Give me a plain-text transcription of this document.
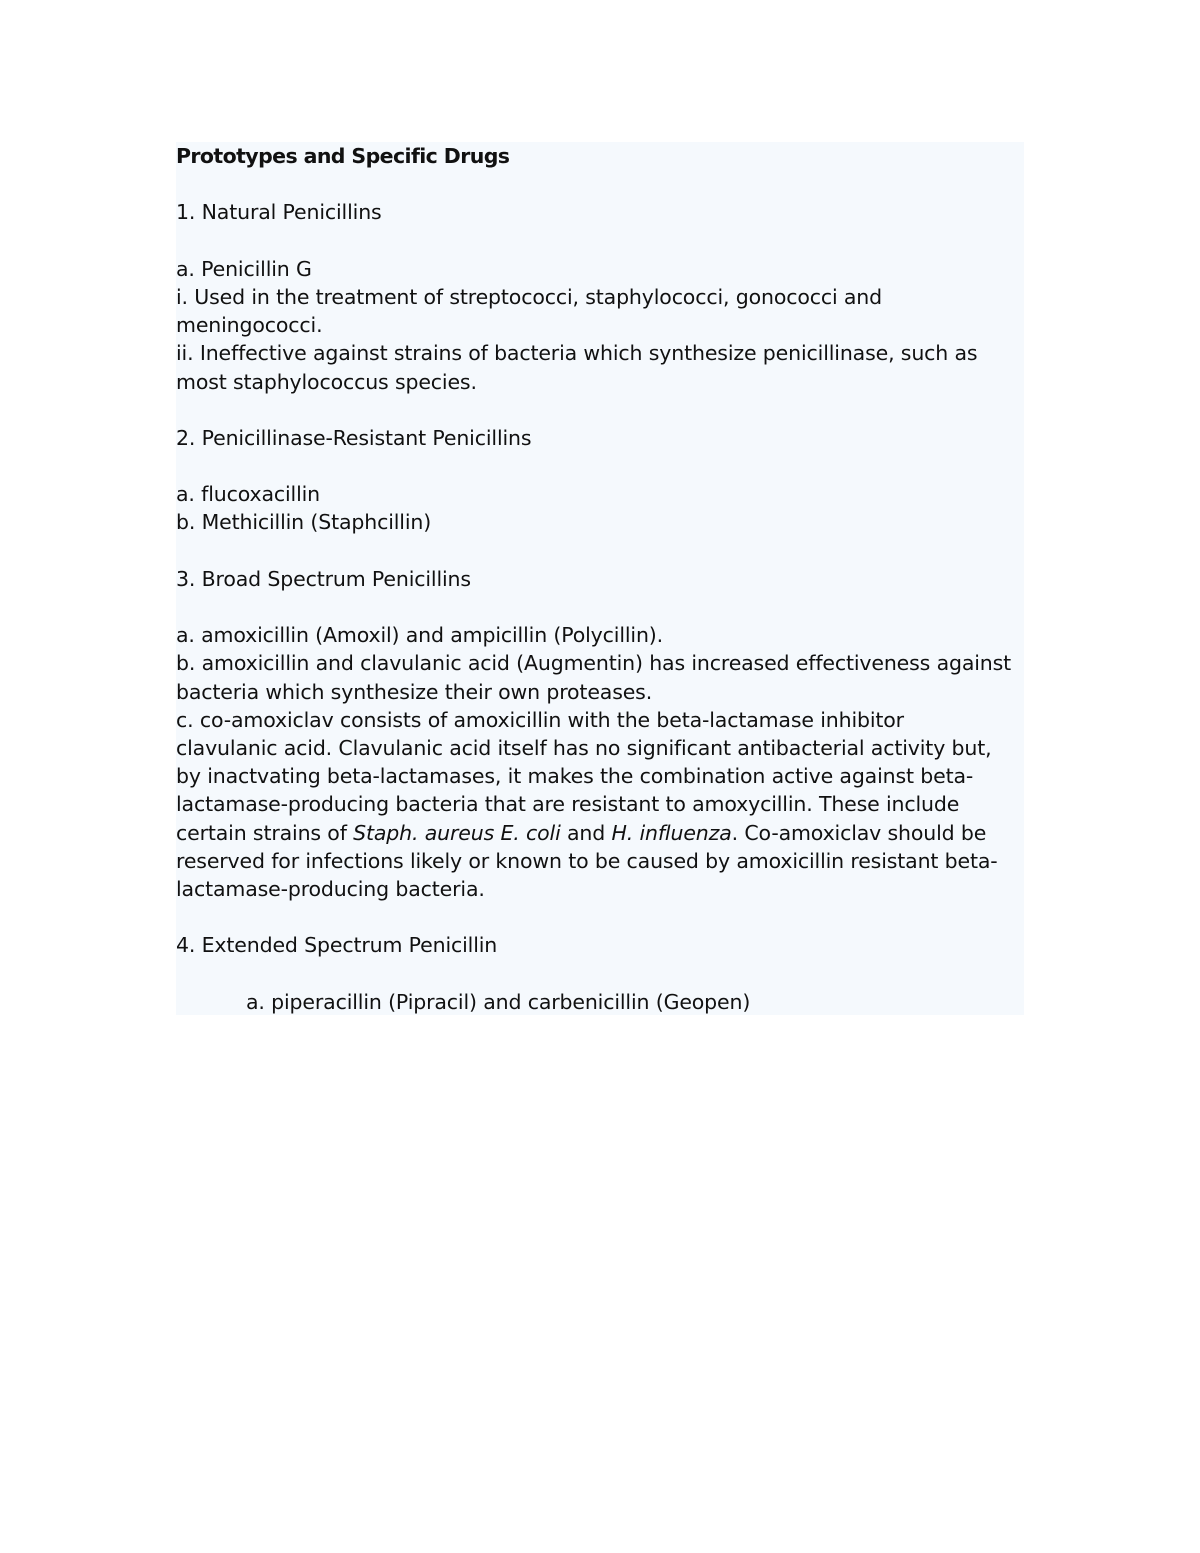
Prototypes and Specific Drugs
1. Natural Penicillins
a. Penicillin G
i. Used in the treatment of streptococci, staphylococci, gonococci and
meningococci.
ii. Ineffective against strains of bacteria which synthesize penicillinase, such as
most staphylococcus species.
2. Penicillinase-Resistant Penicillins
a. flucoxacillin
b. Methicillin (Staphcillin)
3. Broad Spectrum Penicillins
a. amoxicillin (Amoxil) and ampicillin (Polycillin).
b. amoxicillin and clavulanic acid (Augmentin) has increased effectiveness against
bacteria which synthesize their own proteases.
c. co-amoxiclav consists of amoxicillin with the beta-lactamase inhibitor
clavulanic acid. Clavulanic acid itself has no significant antibacterial activity but,
by inactvating beta-lactamases, it makes the combination active against beta-
lactamase-producing bacteria that are resistant to amoxycillin. These include
certain strains of Staph. aureus E. coli and H. influenza. Co-amoxiclav should be
reserved for infections likely or known to be caused by amoxicillin resistant beta-
lactamase-producing bacteria.
4. Extended Spectrum Penicillin
a. piperacillin (Pipracil) and carbenicillin (Geopen)
